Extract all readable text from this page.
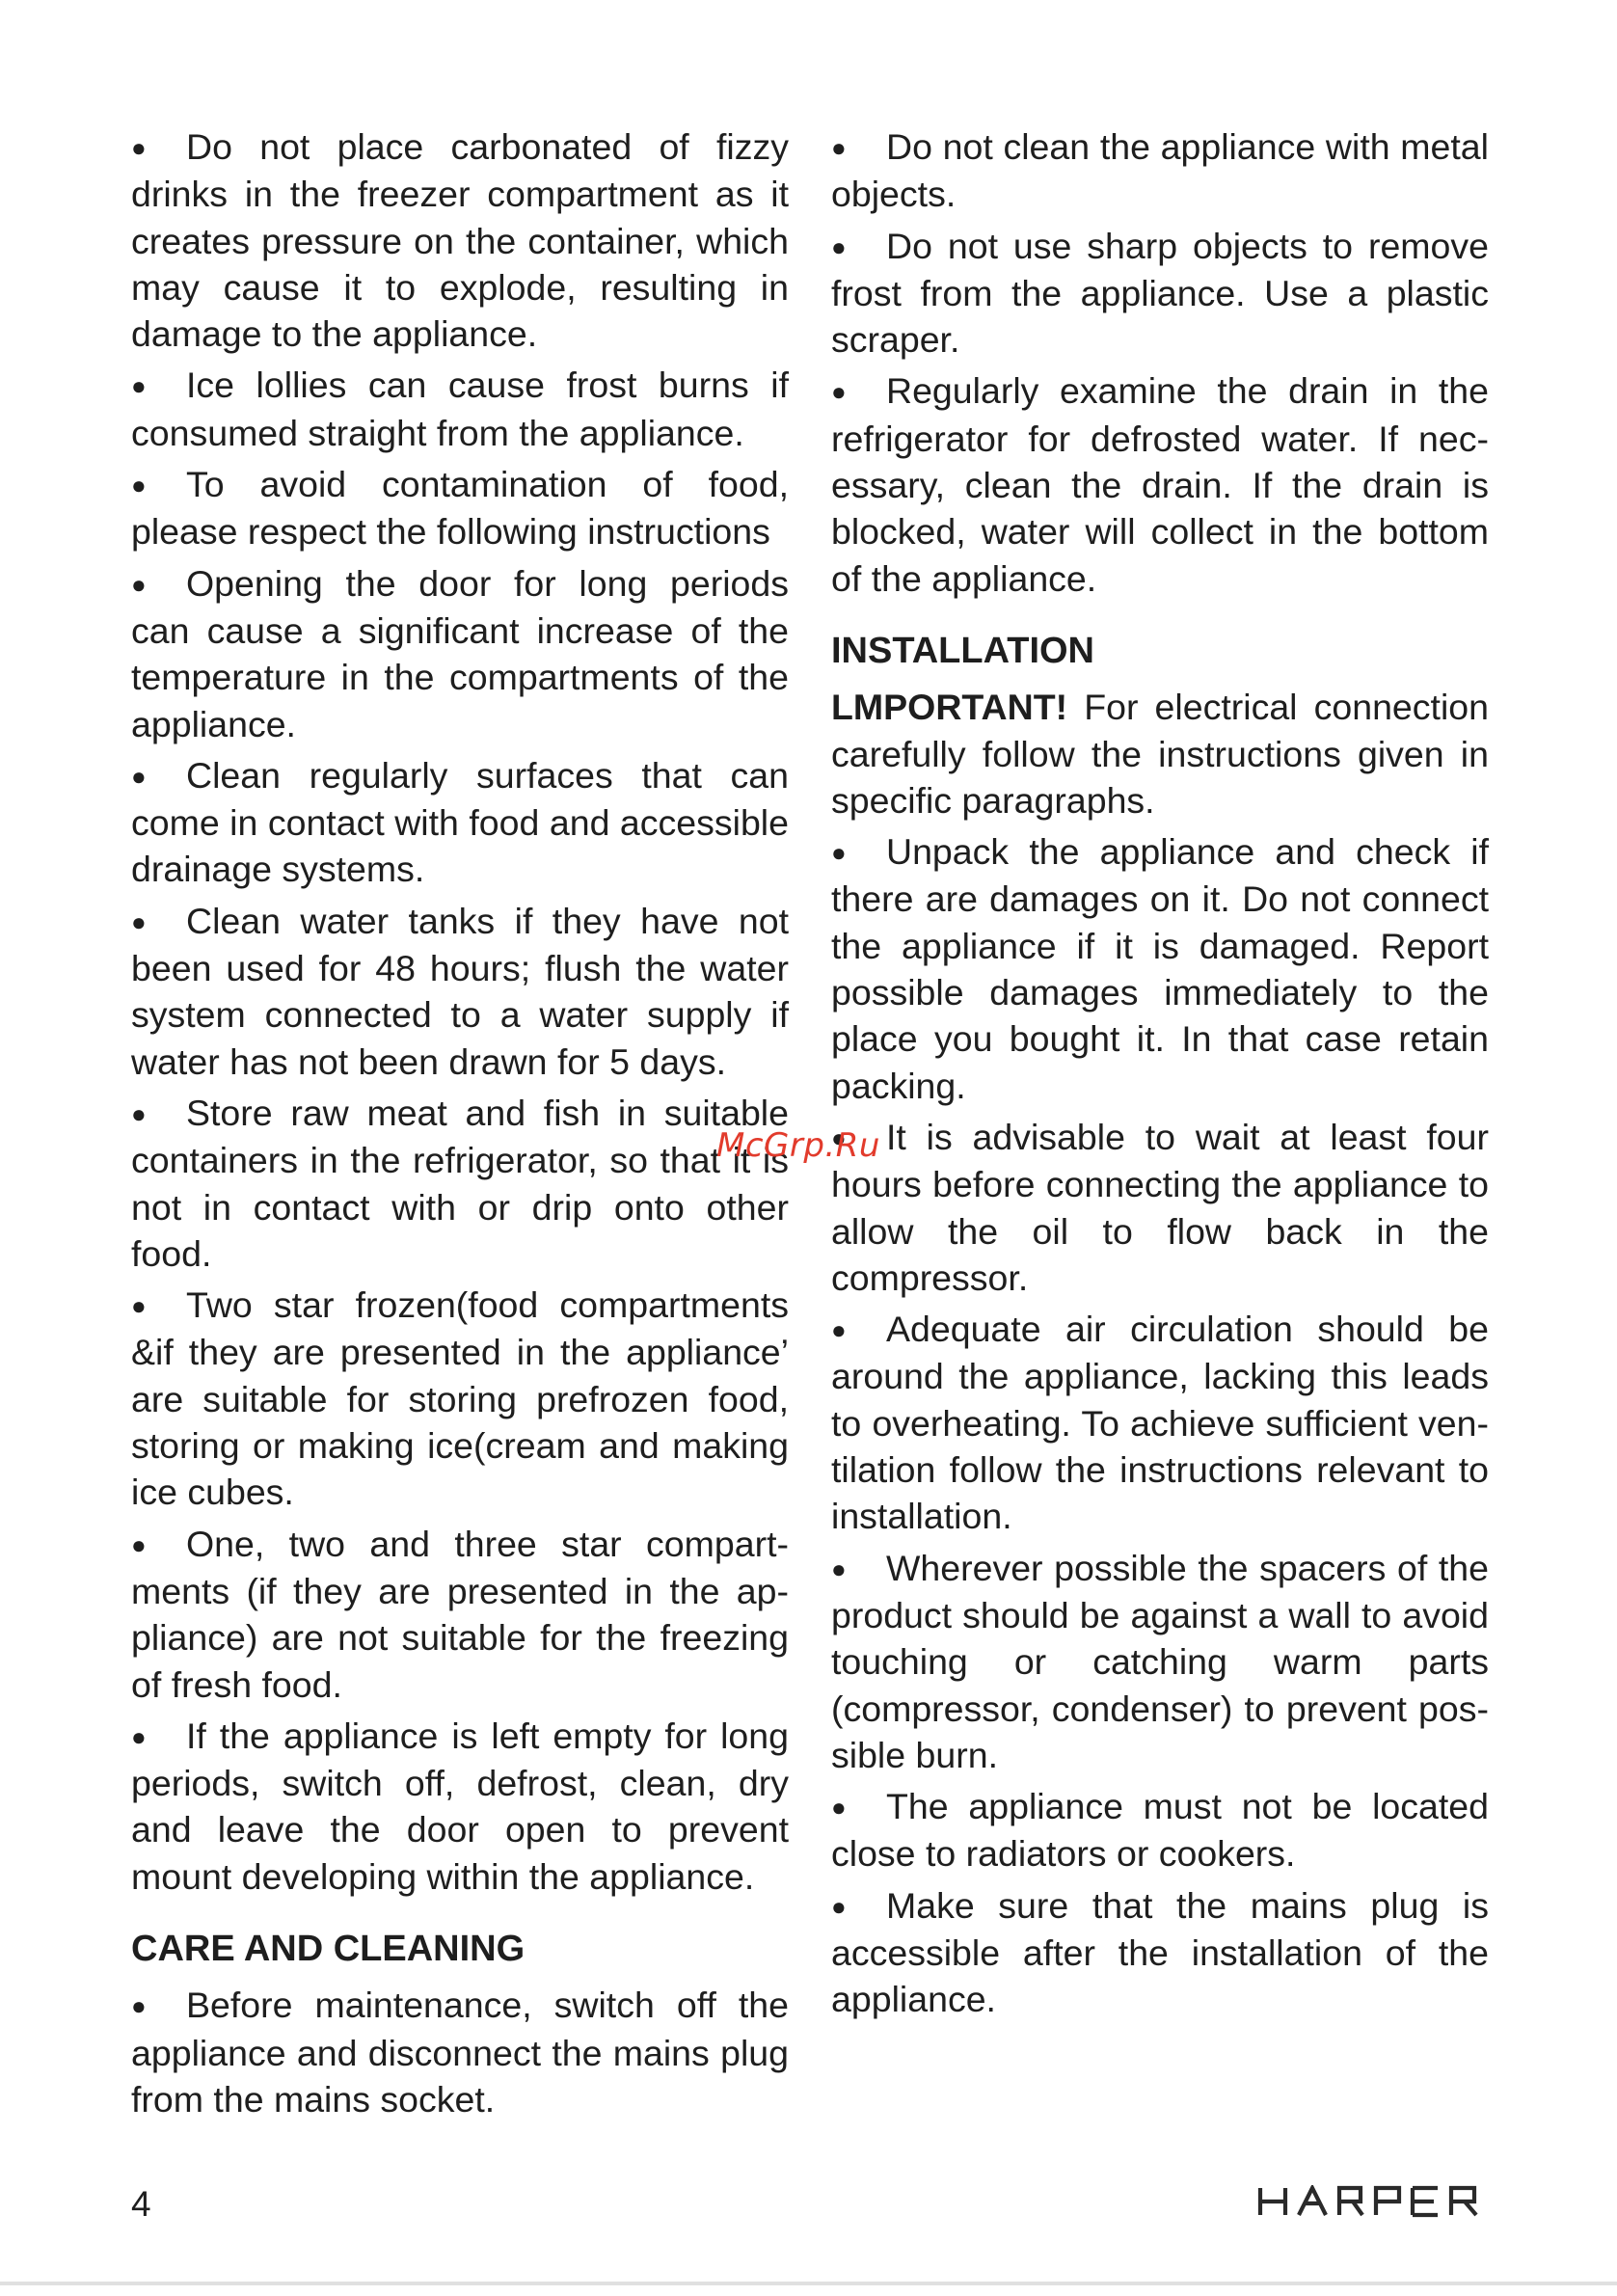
● Do not place carbonated of fizzy drinks in the freezer compartment as it creates pressure on the container, which may cause it to explode, resulting in damage to the appliance.

● Ice lollies can cause frost burns if consumed straight from the appliance.

● To avoid contamination of food, please respect the following instructions

● Opening the door for long periods can cause a significant increase of the temperature in the compartments of the appliance.

● Clean regularly surfaces that can come in contact with food and accessible drainage systems.

● Clean water tanks if they have not been used for 48 hours; flush the water system connected to a water supply if water has not been drawn for 5 days.

● Store raw meat and fish in suitable containers in the refrigerator, so that it is not in contact with or drip onto other food.

● Two star frozen(food compartments &if they are presented in the appliance’ are suitable for storing prefrozen food, storing or making ice(cream and making ice cubes.

● One, two and three star compartments (if they are presented in the appliance) are not suitable for the freezing of fresh food.

● If the appliance is left empty for long periods, switch off, defrost, clean, dry and leave the door open to prevent mount developing within the appliance.

CARE AND CLEANING

● Before maintenance, switch off the appliance and disconnect the mains plug from the mains socket.

● Do not clean the appliance with metal objects.

● Do not use sharp objects to remove frost from the appliance. Use a plastic scraper.

● Regularly examine the drain in the refrigerator for defrosted water. If necessary, clean the drain. If the drain is blocked, water will collect in the bottom of the appliance.

INSTALLATION

LMPORTANT! For electrical connection carefully follow the instructions given in specific paragraphs.

● Unpack the appliance and check if there are damages on it. Do not connect the appliance if it is damaged. Report possible damages immediately to the place you bought it. In that case retain packing.

● It is advisable to wait at least four hours before connecting the appliance to allow the oil to flow back in the compressor.

● Adequate air circulation should be around the appliance, lacking this leads to overheating. To achieve sufficient ventilation follow the instructions relevant to installation.

● Wherever possible the spacers of the product should be against a wall to avoid touching or catching warm parts (compressor, condenser) to prevent possible burn.

● The appliance must not be located close to radiators or cookers.

● Make sure that the mains plug is accessible after the installation of the appliance.

McGrp.Ru
4
